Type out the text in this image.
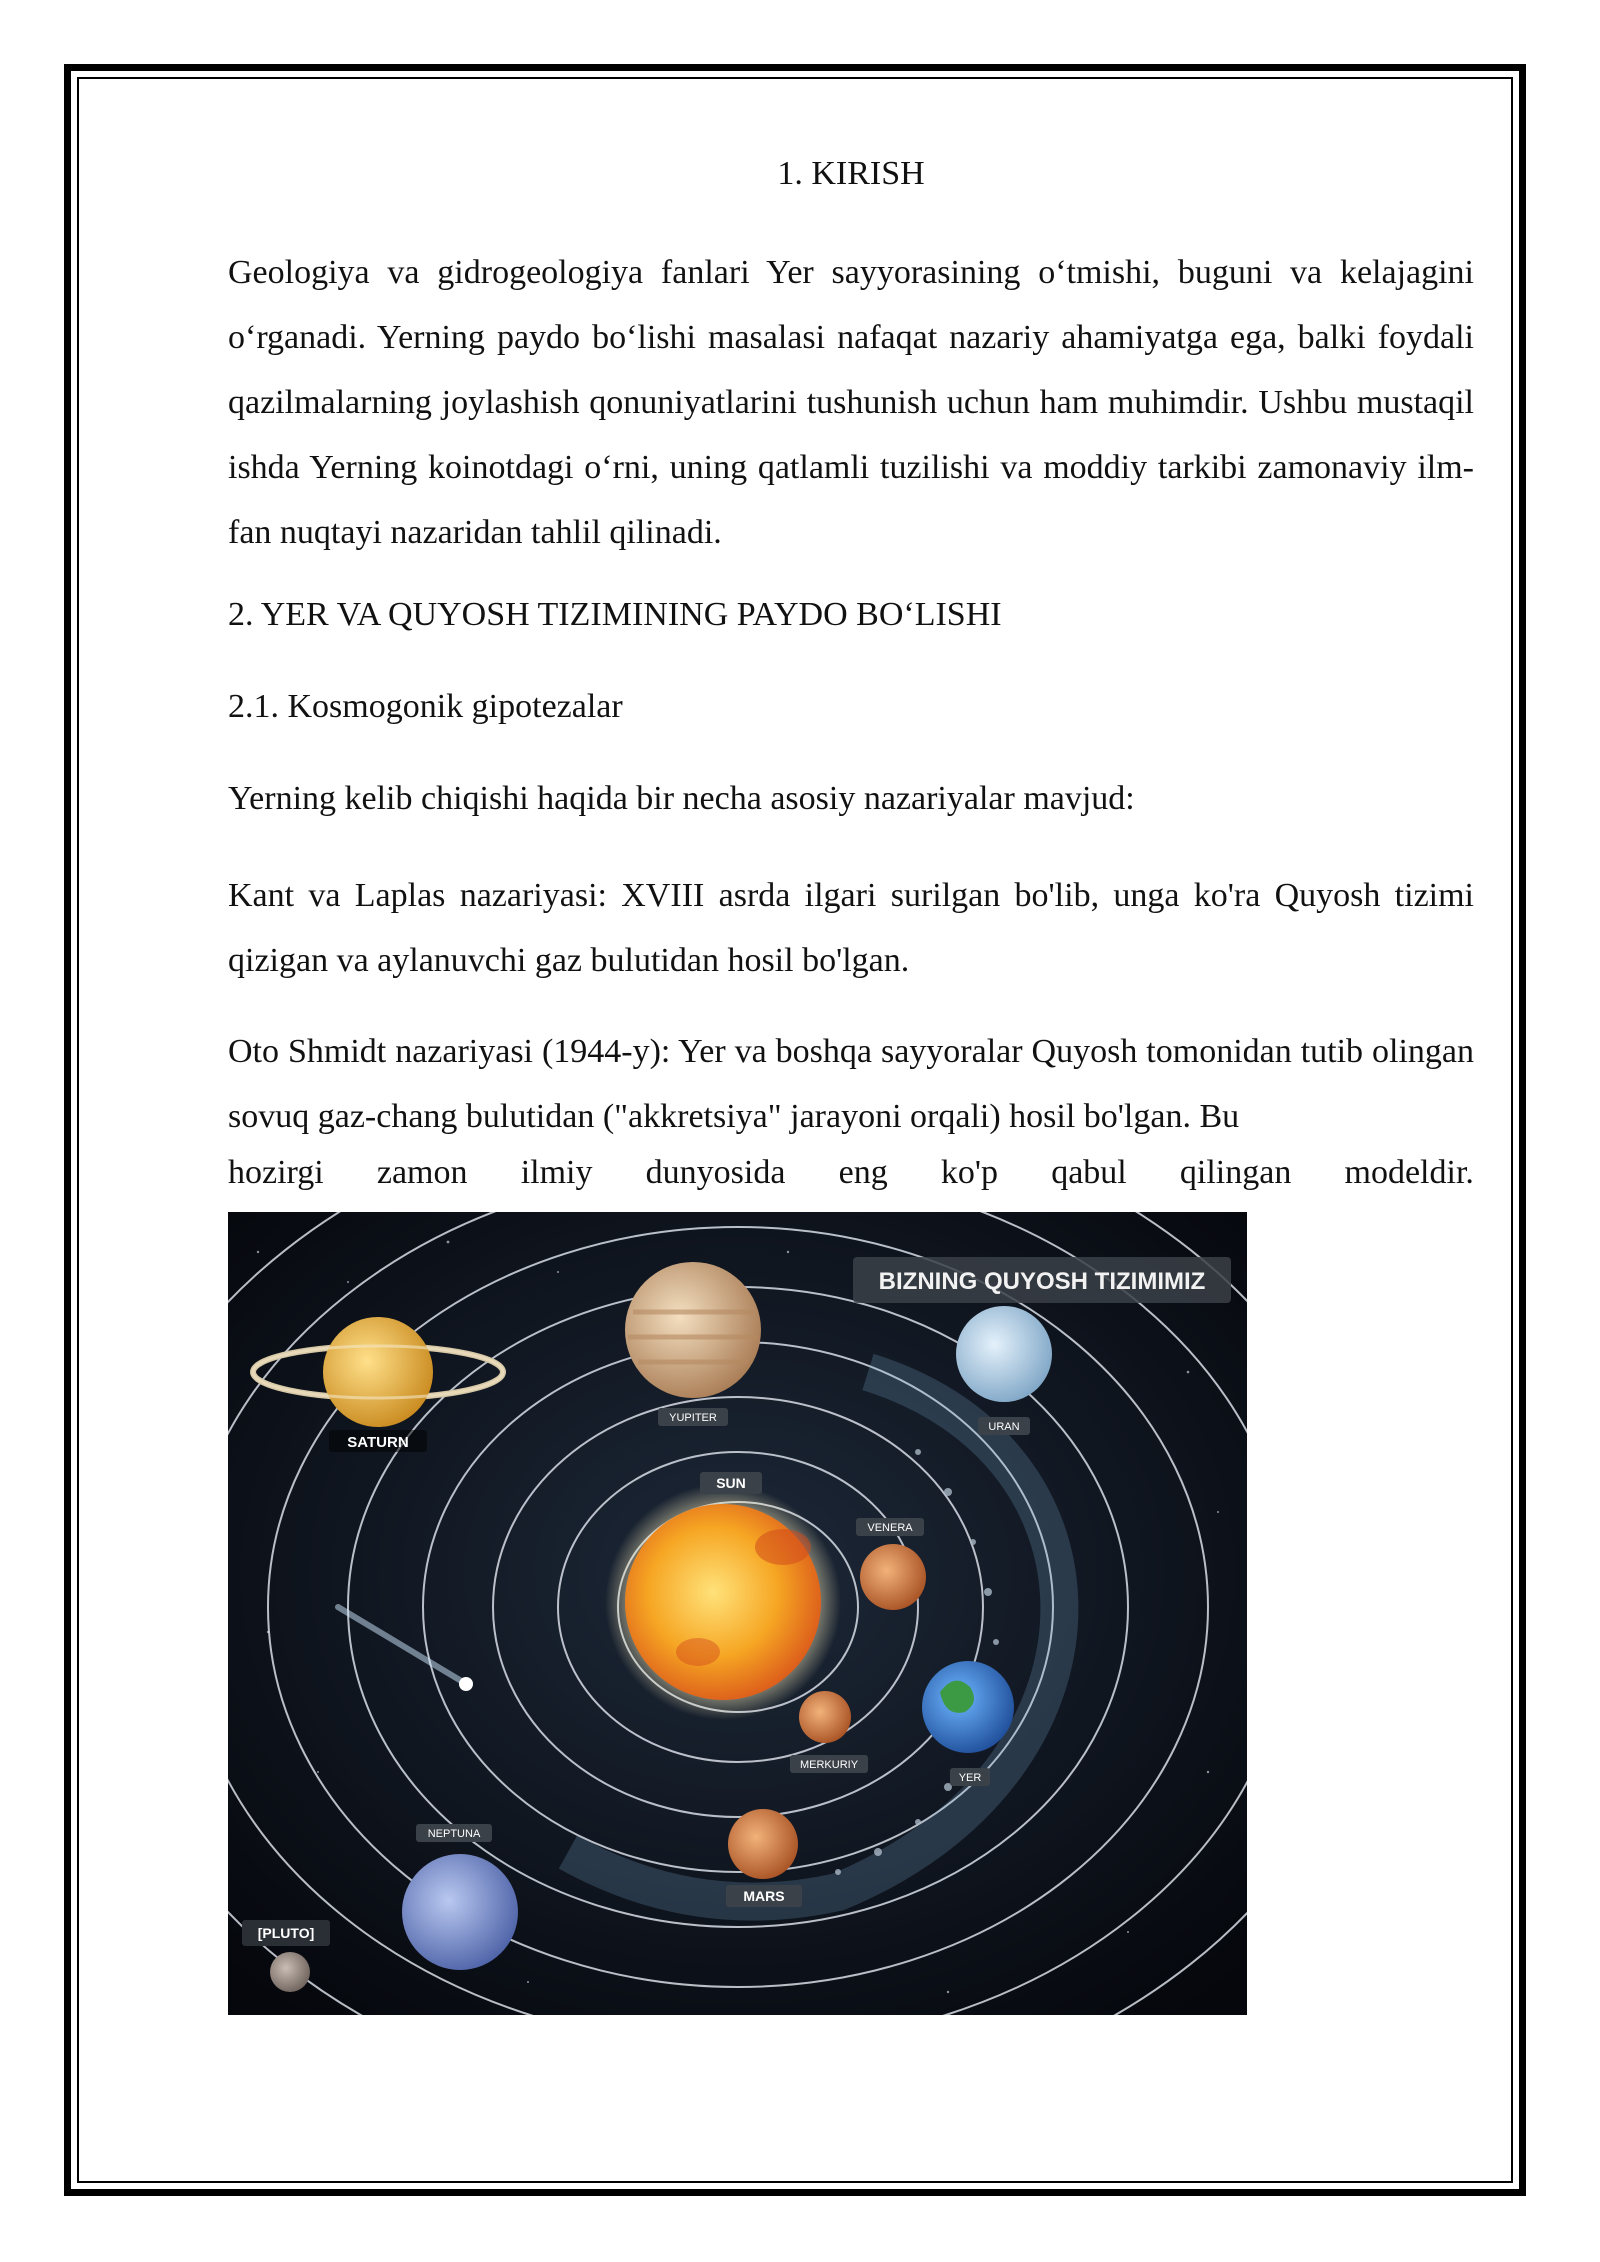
1. KIRISH

Geologiya va gidrogeologiya fanlari Yer sayyorasining o‘tmishi, buguni va kelajagini o‘rganadi. Yerning paydo bo‘lishi masalasi nafaqat nazariy ahamiyatga ega, balki foydali qazilmalarning joylashish qonuniyatlarini tushunish uchun ham muhimdir. Ushbu mustaqil ishda Yerning koinotdagi o‘rni, uning qatlamli tuzilishi va moddiy tarkibi zamonaviy ilm-fan nuqtayi nazaridan tahlil qilinadi.

2. YER VA QUYOSH TIZIMINING PAYDO BO‘LISHI
2.1. Kosmogonik gipotezalar

Yerning kelib chiqishi haqida bir necha asosiy nazariyalar mavjud:

Kant va Laplas nazariyasi: XVIII asrda ilgari surilgan bo'lib, unga ko'ra Quyosh tizimi qizigan va aylanuvchi gaz bulutidan hosil bo'lgan.

Oto Shmidt nazariyasi (1944-y): Yer va boshqa sayyoralar Quyosh tomonidan tutib olingan sovuq gaz-chang bulutidan ("akkretsiya" jarayoni orqali) hosil bo'lgan. Bu

hozirgi zamon ilmiy dunyosida eng ko'p qabul qilingan modeldir.
BIZNING QUYOSH TIZIMIMIZ
SATURN
YUPITER
URAN
SUN
VENERA
MERKURIY
YER
NEPTUNA
MARS
[PLUTO]
